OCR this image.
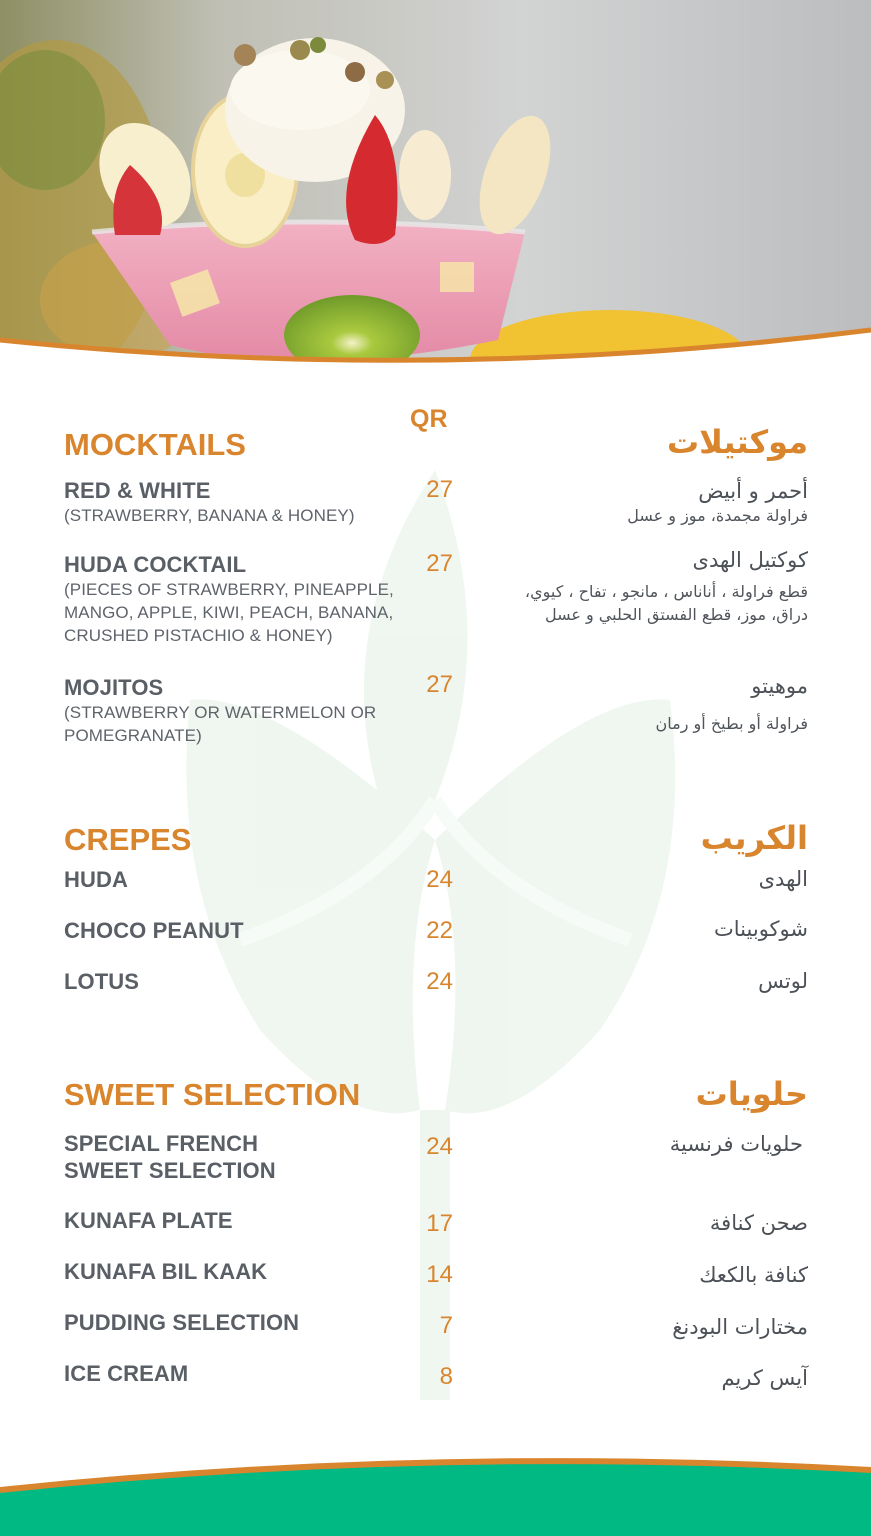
QR
MOCKTAILS	موكتيلات
RED & WHITE
(STRAWBERRY, BANANA & HONEY)
27	أحمر و أبيض
فراولة مجمدة، موز و عسل
HUDA COCKTAIL
(PIECES OF STRAWBERRY, PINEAPPLE,
MANGO, APPLE, KIWI, PEACH, BANANA,
CRUSHED PISTACHIO & HONEY)
27	كوكتيل الهدى
قطع فراولة ، أناناس ، مانجو ، تفاح ، كيوي،
دراق، موز، قطع الفستق الحلبي و عسل
MOJITOS
(STRAWBERRY OR WATERMELON OR
POMEGRANATE)
27	موهيتو
فراولة أو بطيخ أو رمان
CREPES	الكريب
HUDA	24	الهدى
CHOCO PEANUT	22	شوكوبينات
LOTUS	24	لوتس
SWEET SELECTION	حلويات
SPECIAL FRENCH
SWEET SELECTION
24	حلويات فرنسية
KUNAFA PLATE	17	صحن كنافة
KUNAFA BIL KAAK	14	كنافة بالكعك
PUDDING SELECTION	7	مختارات البودنغ
ICE CREAM	8	آيس كريم
